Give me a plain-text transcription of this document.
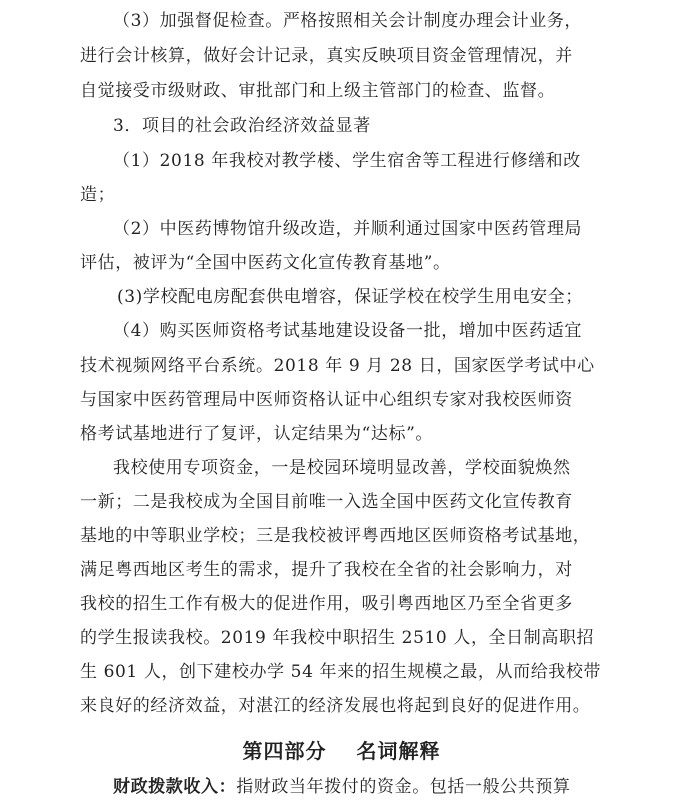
（3）加强督促检查。严格按照相关会计制度办理会计业务，
进行会计核算，做好会计记录，真实反映项目资金管理情况，并
自觉接受市级财政、审批部门和上级主管部门的检查、监督。
3．项目的社会政治经济效益显著
（1）2018 年我校对教学楼、学生宿舍等工程进行修缮和改
造；
（2）中医药博物馆升级改造，并顺利通过国家中医药管理局
评估，被评为“全国中医药文化宣传教育基地”。
(3)学校配电房配套供电增容，保证学校在校学生用电安全；
（4）购买医师资格考试基地建设设备一批，增加中医药适宜
技术视频网络平台系统。2018 年 9 月 28 日，国家医学考试中心
与国家中医药管理局中医师资格认证中心组织专家对我校医师资
格考试基地进行了复评，认定结果为“达标”。
我校使用专项资金，一是校园环境明显改善，学校面貌焕然
一新；二是我校成为全国目前唯一入选全国中医药文化宣传教育
基地的中等职业学校；三是我校被评粤西地区医师资格考试基地，
满足粤西地区考生的需求，提升了我校在全省的社会影响力，对
我校的招生工作有极大的促进作用，吸引粤西地区乃至全省更多
的学生报读我校。2019 年我校中职招生 2510 人，全日制高职招
生 601 人，创下建校办学 54 年来的招生规模之最，从而给我校带
来良好的经济效益，对湛江的经济发展也将起到良好的促进作用。
第四部分 名词解释
财政拨款收入：指财政当年拨付的资金。包括一般公共预算
